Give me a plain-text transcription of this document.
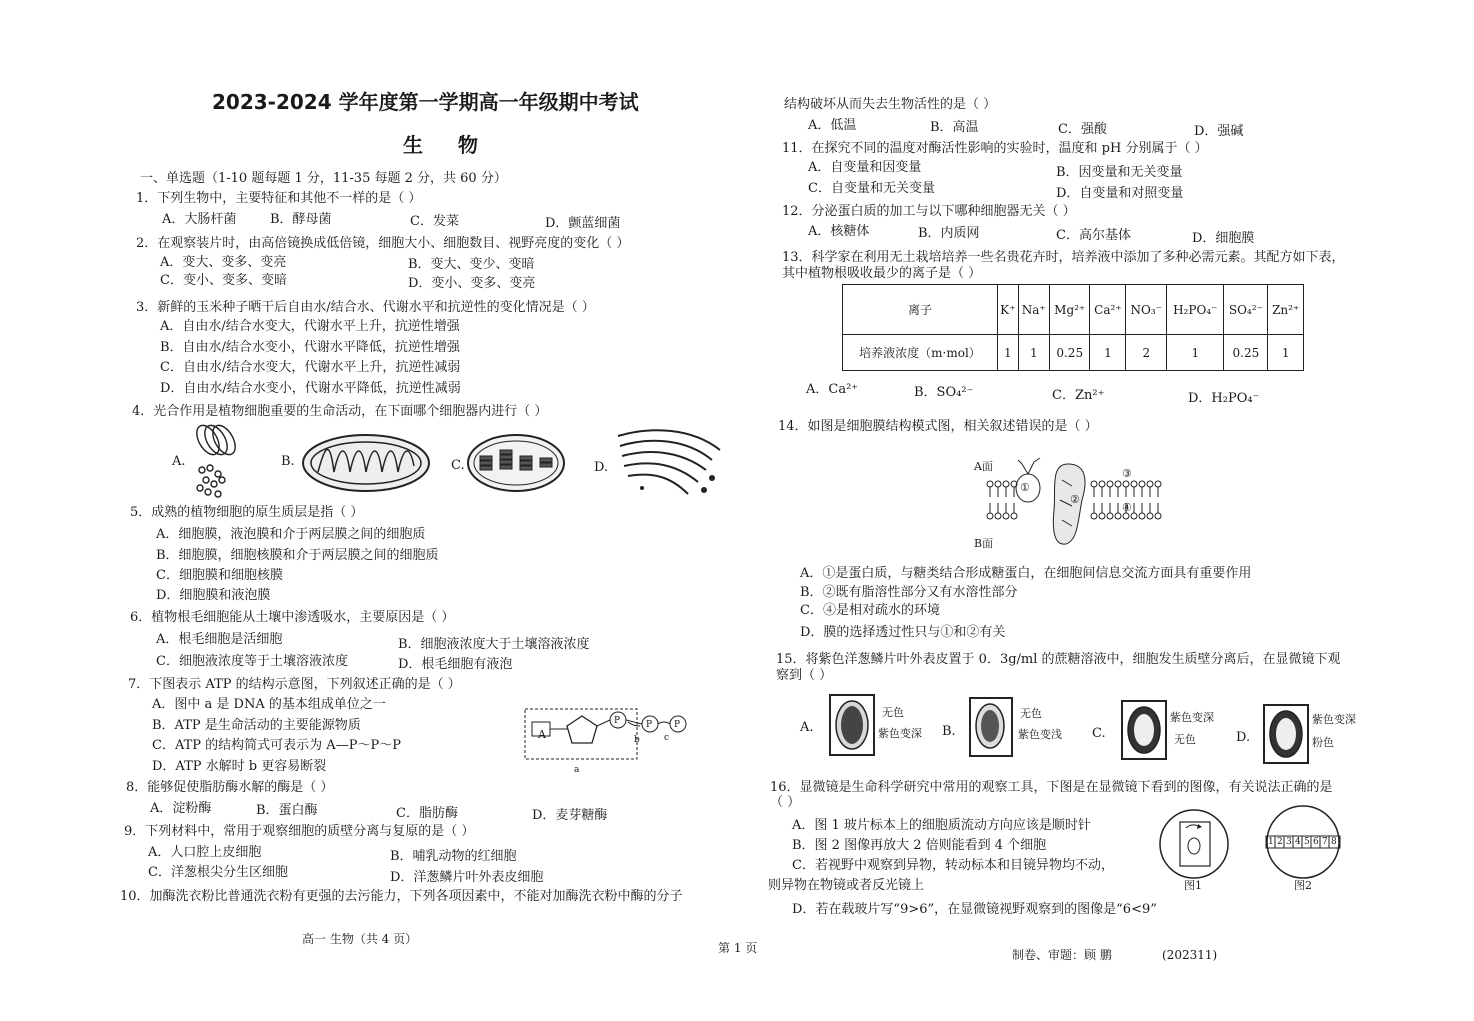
2023-2024 学年度第一学期高一年级期中考试
生 物
一、单选题（1-10 题每题 1 分，11-35 每题 2 分，共 60 分）
1．下列生物中，主要特征和其他不一样的是（ ）
A．大肠杆菌	B．酵母菌	C．发菜	D．颤蓝细菌
2．在观察装片时，由高倍镜换成低倍镜，细胞大小、细胞数目、视野亮度的变化（ ）
A．变大、变多、变亮	B．变大、变少、变暗
C．变小、变多、变暗	D．变小、变多、变亮
3．新鲜的玉米种子晒干后自由水/结合水、代谢水平和抗逆性的变化情况是（ ）
A．自由水/结合水变大，代谢水平上升，抗逆性增强
B．自由水/结合水变小，代谢水平降低，抗逆性增强
C．自由水/结合水变大，代谢水平上升，抗逆性减弱
D．自由水/结合水变小，代谢水平降低，抗逆性减弱
4．光合作用是植物细胞重要的生命活动，在下面哪个细胞器内进行（ ）
A.	B.	C.	D.
5．成熟的植物细胞的原生质层是指（ ）
A．细胞膜，液泡膜和介于两层膜之间的细胞质
B．细胞膜，细胞核膜和介于两层膜之间的细胞质
C．细胞膜和细胞核膜
D．细胞膜和液泡膜
6．植物根毛细胞能从土壤中渗透吸水，主要原因是（ ）
A．根毛细胞是活细胞	B．细胞液浓度大于土壤溶液浓度
C．细胞液浓度等于土壤溶液浓度	D．根毛细胞有液泡
7．下图表示 ATP 的结构示意图，下列叙述正确的是（ ）
A．图中 a 是 DNA 的基本组成单位之一
B．ATP 是生命活动的主要能源物质
C．ATP 的结构简式可表示为 A—P～P～P
D．ATP 水解时 b 更容易断裂
A
P	P P
b	c
a
8．能够促使脂肪酶水解的酶是（ ）
A．淀粉酶	B．蛋白酶	C．脂肪酶	D．麦芽糖酶
9．下列材料中，常用于观察细胞的质壁分离与复原的是（ ）
A．人口腔上皮细胞	B．哺乳动物的红细胞
C．洋葱根尖分生区细胞	D．洋葱鳞片叶外表皮细胞
10．加酶洗衣粉比普通洗衣粉有更强的去污能力，下列各项因素中，不能对加酶洗衣粉中酶的分子
结构破坏从而失去生物活性的是（ ）
A．低温	B．高温	C．强酸	D．强碱
11．在探究不同的温度对酶活性影响的实验时，温度和 pH 分别属于（ ）
A．自变量和因变量	B．因变量和无关变量
C．自变量和无关变量	D．自变量和对照变量
12．分泌蛋白质的加工与以下哪种细胞器无关（ ）
A．核糖体	B．内质网	C．高尔基体	D．细胞膜
13．科学家在利用无土栽培培养一些名贵花卉时，培养液中添加了多种必需元素。其配方如下表，
其中植物根吸收最少的离子是（ ）
离子	K⁺	Na⁺	Mg²⁺	Ca²⁺	NO₃⁻	H₂PO₄⁻	SO₄²⁻	Zn²⁺
培养液浓度（m·mol）	1	1	0.25	1	2	1	0.25	1
A．Ca²⁺	B．SO₄²⁻	C．Zn²⁺	D．H₂PO₄⁻
14．如图是细胞膜结构模式图，相关叙述错误的是（ ）
A面
B面
①
②
③
④
A．①是蛋白质，与糖类结合形成糖蛋白，在细胞间信息交流方面具有重要作用
B．②既有脂溶性部分又有水溶性部分
C．④是相对疏水的环境
D．膜的选择透过性只与①和②有关
15．将紫色洋葱鳞片叶外表皮置于 0．3g/ml 的蔗糖溶液中，细胞发生质壁分离后，在显微镜下观
察到（ ）
A.
无色
紫色变深 B.
无色
紫色变浅 C.
紫色变深
无色	D.
紫色变深
粉色
16．显微镜是生命科学研究中常用的观察工具，下图是在显微镜下看到的图像，有关说法正确的是
（ ）
A．图 1 玻片标本上的细胞质流动方向应该是顺时针
B．图 2 图像再放大 2 倍则能看到 4 个细胞
C．若视野中观察到异物，转动标本和目镜异物均不动，
则异物在物镜或者反光镜上
D．若在载玻片写“9>6”，在显微镜视野观察到的图像是“6<9”
图1
1 2 3 4 5 6 7 8
图2
高一 生物（共 4 页）
第 1 页	制卷、审题：顾 鹏	(202311)
